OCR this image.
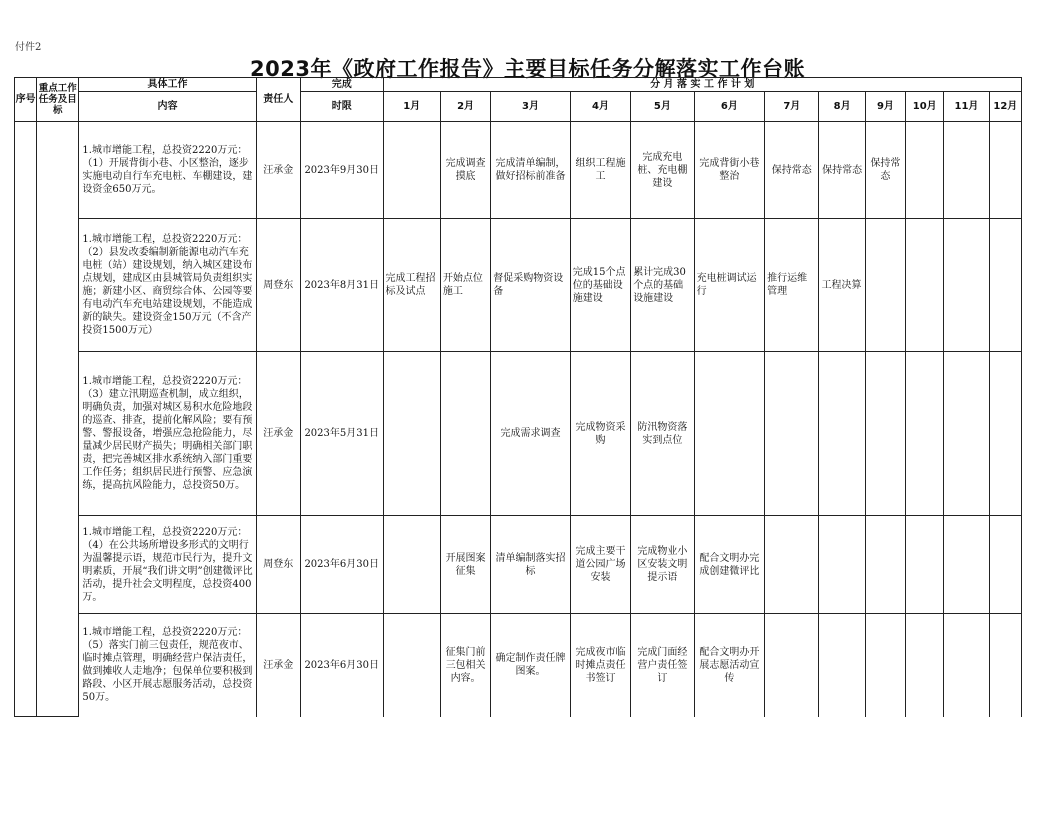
付件2
2023年《政府工作报告》主要目标任务分解落实工作台账
序号	重点工作任务及目标	具体工作	责任人	完成	分 月 落 实 工 作 计 划											
		内容		时限	1月	2月	3月	4月	5月	6月	7月	8月	9月	10月	11月	12月
		1.城市增能工程，总投资2220万元：（1）开展背街小巷、小区整治，逐步实施电动自行车充电桩、车棚建设，建设资金650万元。	汪承金	2023年9月30日		完成调查摸底	完成清单编制，做好招标前准备	组织工程施工	完成充电桩、充电棚建设	完成背街小巷整治	保持常态	保持常态	保持常态			
		1.城市增能工程，总投资2220万元：（2）县发改委编制新能源电动汽车充电桩（站）建设规划，纳入城区建设布点规划，建成区由县城管局负责组织实施；新建小区、商贸综合体、公园等要有电动汽车充电站建设规划，不能造成新的缺失。建设资金150万元（不含产投资1500万元）	周登东	2023年8月31日	完成工程招标及试点	开始点位施工	督促采购物资设备	完成15个点位的基础设施建设	累计完成30个点的基础设施建设	充电桩调试运行	推行运维管理	工程决算				
		1.城市增能工程，总投资2220万元：（3）建立汛期巡查机制，成立组织，明确负责，加强对城区易积水危险地段的巡查、排查，提前化解风险；要有预警、警报设备，增强应急抢险能力，尽量减少居民财产损失；明确相关部门职责，把完善城区排水系统纳入部门重要工作任务；组织居民进行预警、应急演练，提高抗风险能力，总投资50万。	汪承金	2023年5月31日			完成需求调查	完成物资采购	防汛物资落实到点位							
		1.城市增能工程，总投资2220万元：（4）在公共场所增设多形式的文明行为温馨提示语，规范市民行为，提升文明素质，开展“我们讲文明”创建微评比活动，提升社会文明程度，总投资400万。	周登东	2023年6月30日		开展图案征集	清单编制落实招标	完成主要干道公园广场安装	完成物业小区安装文明提示语	配合文明办完成创建微评比						
		1.城市增能工程，总投资2220万元：（5）落实门前三包责任，规范夜市、临时摊点管理，明确经营户保洁责任，做到摊收人走地净；包保单位要积极到路段、小区开展志愿服务活动，总投资50万。	汪承金	2023年6月30日		征集门前三包相关内容。	确定制作责任牌图案。	完成夜市临时摊点责任书签订	完成门面经营户责任签订	配合文明办开展志愿活动宣传						
